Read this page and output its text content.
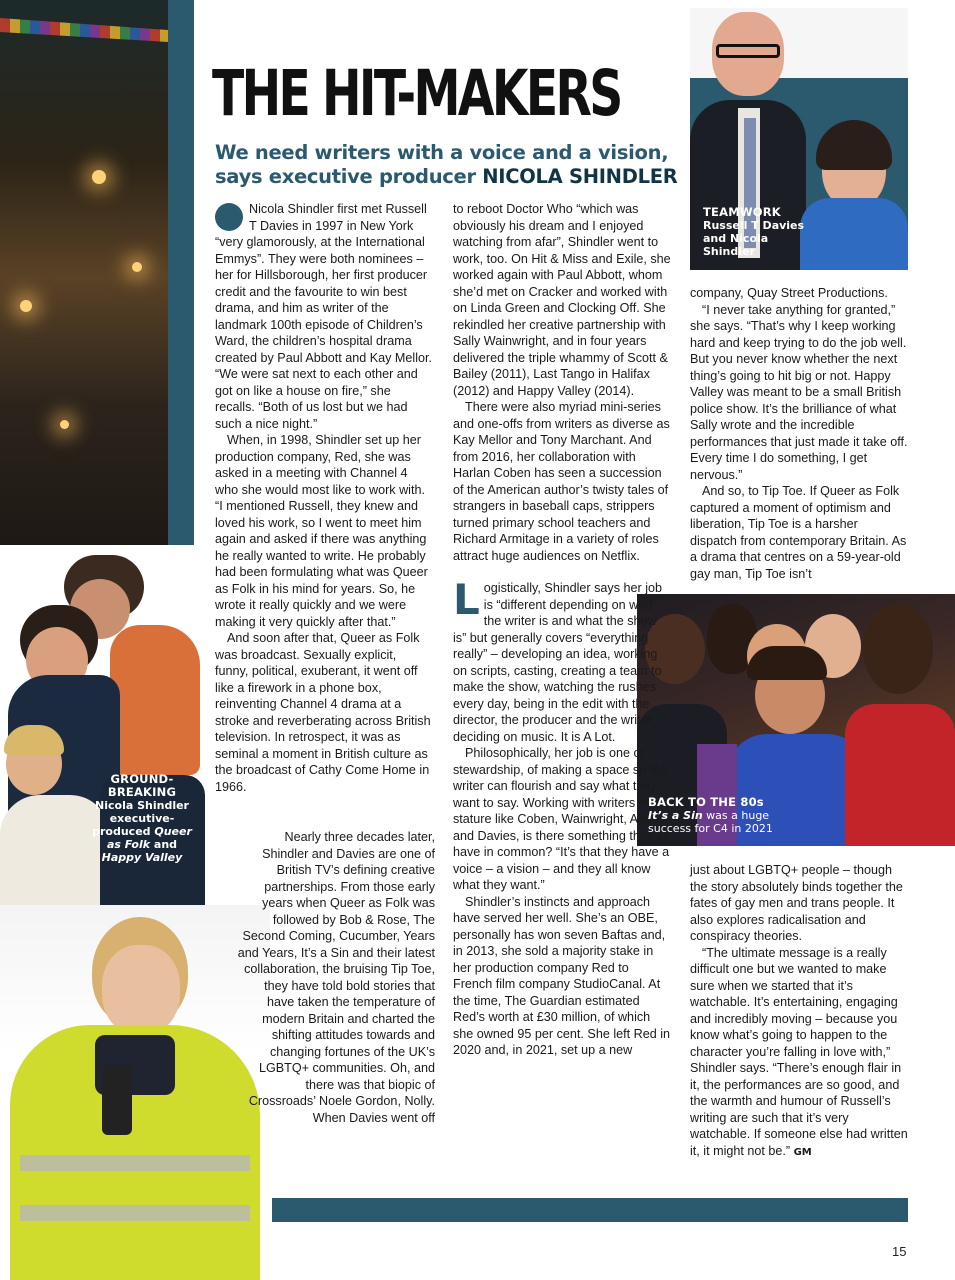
THE HIT-MAKERS

We need writers with a voice and a vision, says executive producer NICOLA SHINDLER

Nicola Shindler first met Russell T Davies in 1997 in New York “very glamorously, at the International Emmys”. They were both nominees – her for Hillsborough, her first producer credit and the favourite to win best drama, and him as writer of the landmark 100th episode of Children’s Ward, the children’s hospital drama created by Paul Abbott and Kay Mellor. “We were sat next to each other and got on like a house on fire,” she recalls. “Both of us lost but we had such a nice night.”

When, in 1998, Shindler set up her production company, Red, she was asked in a meeting with Channel 4 who she would most like to work with. “I mentioned Russell, they knew and loved his work, so I went to meet him again and asked if there was anything he really wanted to write. He probably had been formulating what was Queer as Folk in his mind for years. So, he wrote it really quickly and we were making it very quickly after that.”

And soon after that, Queer as Folk was broadcast. Sexually explicit, funny, political, exuberant, it went off like a firework in a phone box, reinventing Channel 4 drama at a stroke and reverberating across British television. In retrospect, it was as seminal a moment in British culture as the broadcast of Cathy Come Home in 1966.

Nearly three decades later, Shindler and Davies are one of British TV’s defining creative partnerships. From those early years when Queer as Folk was followed by Bob & Rose, The Second Coming, Cucumber, Years and Years, It’s a Sin and their latest collaboration, the bruising Tip Toe, they have told bold stories that have taken the temperature of modern Britain and charted the shifting attitudes towards and changing fortunes of the UK’s LGBTQ+ communities. Oh, and there was that biopic of Crossroads’ Noele Gordon, Nolly.

When Davies went off

to reboot Doctor Who “which was obviously his dream and I enjoyed watching from afar”, Shindler went to work, too. On Hit & Miss and Exile, she worked again with Paul Abbott, whom she’d met on Cracker and worked with on Linda Green and Clocking Off. She rekindled her creative partnership with Sally Wainwright, and in four years delivered the triple whammy of Scott & Bailey (2011), Last Tango in Halifax (2012) and Happy Valley (2014).

There were also myriad mini-series and one-offs from writers as diverse as Kay Mellor and Tony Marchant. And from 2016, her collaboration with Harlan Coben has seen a succession of the American author’s twisty tales of strangers in baseball caps, strippers turned primary school teachers and Richard Armitage in a variety of roles attract huge audiences on Netflix.

L ogistically, Shindler says her job is “different depending on who the writer is and what the show is” but generally covers “everything really” – developing an idea, working on scripts, casting, creating a team to make the show, watching the rushes every day, being in the edit with the director, the producer and the writer, deciding on music. It is A Lot.

Philosophically, her job is one of stewardship, of making a space so the writer can flourish and say what they want to say. Working with writers of stature like Coben, Wainwright, Abbott and Davies, is there something they all have in common? “It’s that they have a voice – a vision – and they all know what they want.”

Shindler’s instincts and approach have served her well. She’s an OBE, personally has won seven Baftas and, in 2013, she sold a majority stake in her production company Red to French film company StudioCanal. At the time, The Guardian estimated Red’s worth at £30 million, of which she owned 95 per cent. She left Red in 2020 and, in 2021, set up a new

company, Quay Street Productions.

“I never take anything for granted,” she says. “That’s why I keep working hard and keep trying to do the job well. But you never know whether the next thing’s going to hit big or not. Happy Valley was meant to be a small British police show. It’s the brilliance of what Sally wrote and the incredible performances that just made it take off. Every time I do something, I get nervous.”

And so, to Tip Toe. If Queer as Folk captured a moment of optimism and liberation, Tip Toe is a harsher dispatch from contemporary Britain. As a drama that centres on a 59-year-old gay man, Tip Toe isn’t

just about LGBTQ+ people – though the story absolutely binds together the fates of gay men and trans people. It also explores radicalisation and conspiracy theories.

“The ultimate message is a really difficult one but we wanted to make sure when we started that it’s watchable. It’s entertaining, engaging and incredibly moving – because you know what’s going to happen to the character you’re falling in love with,” Shindler says. “There’s enough flair in it, the performances are so good, and the warmth and humour of Russell’s writing are such that it’s very watchable. If someone else had written it, it might not be.” GM

TEAMWORK
Russell T Davies and Nicola Shindler
BACK TO THE 80s
It’s a Sin was a huge success for C4 in 2021
GROUND-BREAKING
Nicola Shindler executive-produced Queer as Folk and Happy Valley
15
